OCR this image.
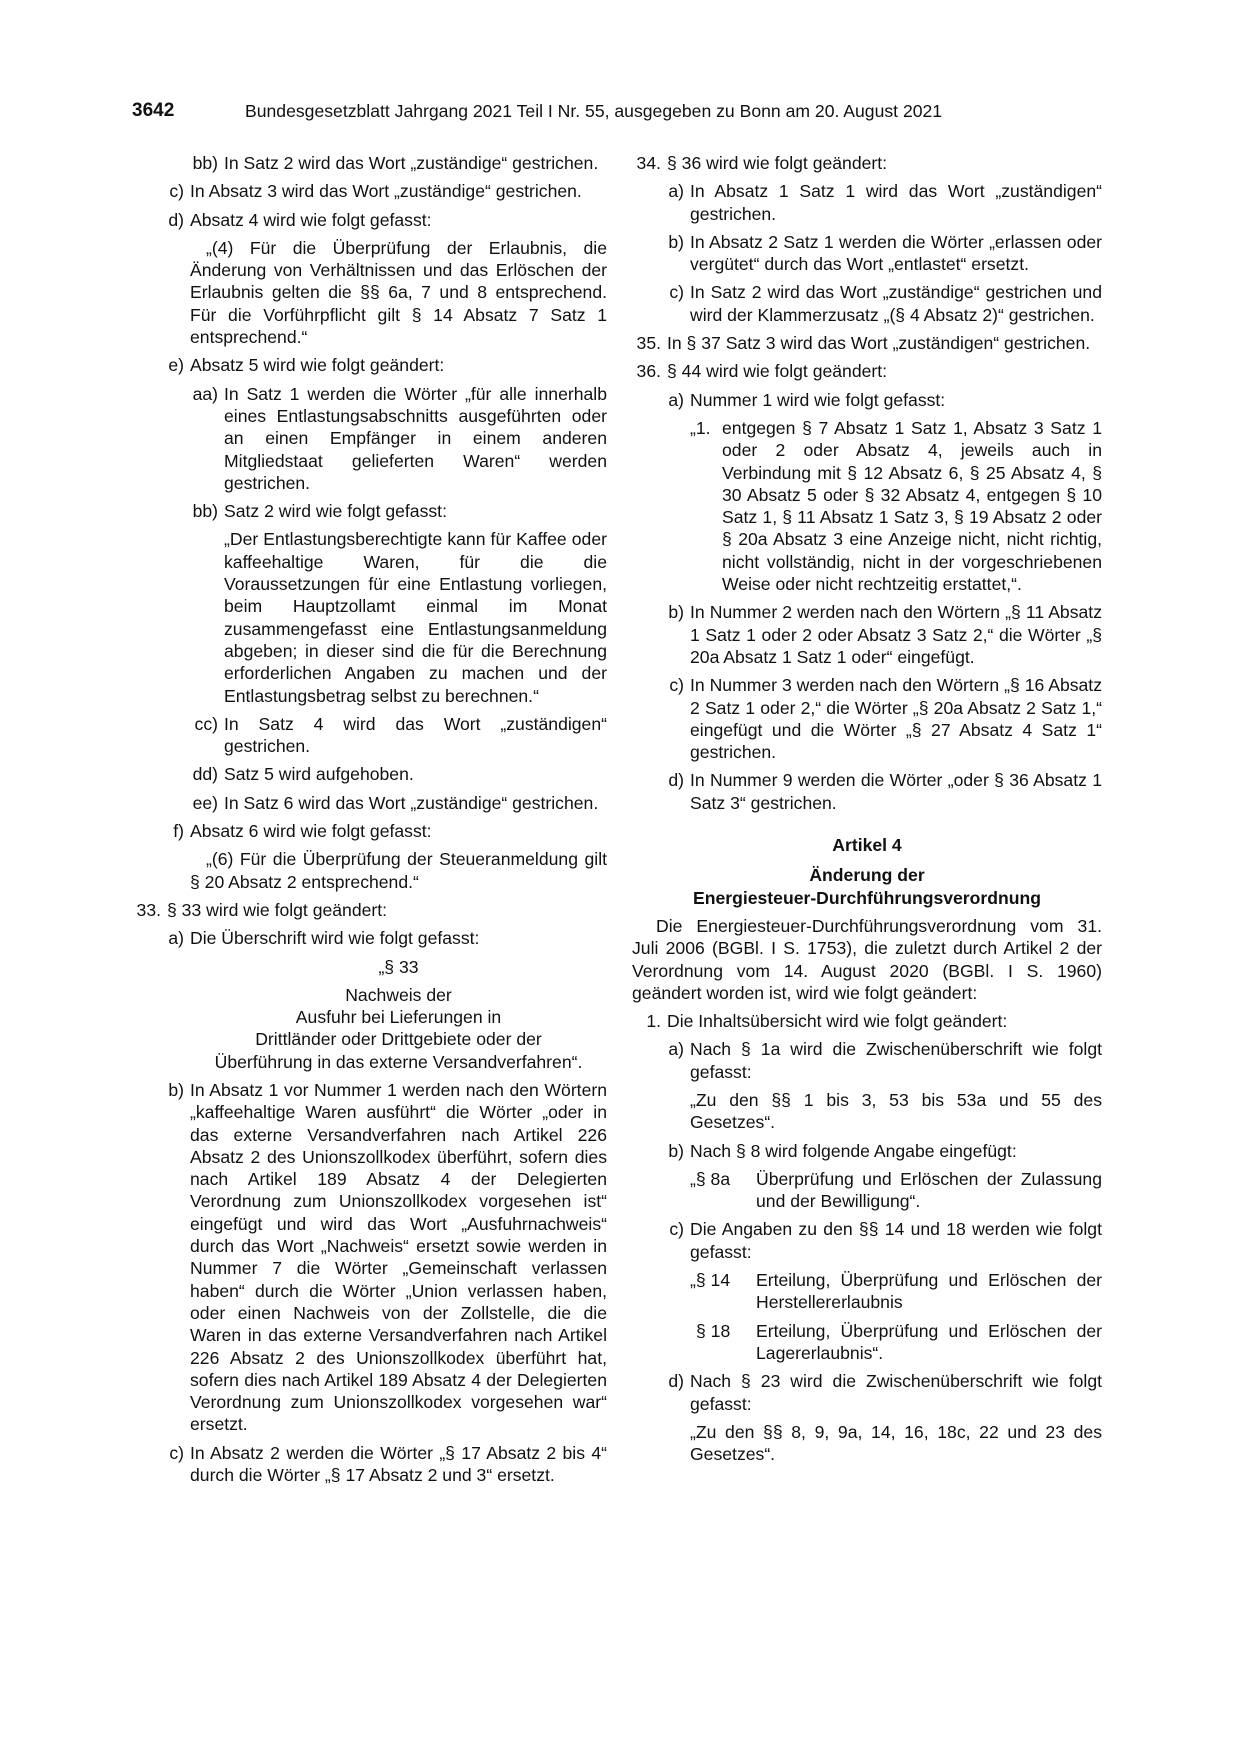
3642	Bundesgesetzblatt Jahrgang 2021 Teil I Nr. 55, ausgegeben zu Bonn am 20. August 2021
bb) In Satz 2 wird das Wort „zuständige“ gestrichen.
c) In Absatz 3 wird das Wort „zuständige“ gestrichen.
d) Absatz 4 wird wie folgt gefasst:
„(4) Für die Überprüfung der Erlaubnis, die Änderung von Verhältnissen und das Erlöschen der Erlaubnis gelten die §§ 6a, 7 und 8 entsprechend. Für die Vorführpflicht gilt § 14 Absatz 7 Satz 1 entsprechend.“
e) Absatz 5 wird wie folgt geändert:
aa) In Satz 1 werden die Wörter „für alle innerhalb eines Entlastungsabschnitts ausgeführten oder an einen Empfänger in einem anderen Mitgliedstaat gelieferten Waren“ werden gestrichen.
bb) Satz 2 wird wie folgt gefasst:
„Der Entlastungsberechtigte kann für Kaffee oder kaffeehaltige Waren, für die die Voraussetzungen für eine Entlastung vorliegen, beim Hauptzollamt einmal im Monat zusammengefasst eine Entlastungsanmeldung abgeben; in dieser sind die für die Berechnung erforderlichen Angaben zu machen und der Entlastungsbetrag selbst zu berechnen.“
cc) In Satz 4 wird das Wort „zuständigen“ gestrichen.
dd) Satz 5 wird aufgehoben.
ee) In Satz 6 wird das Wort „zuständige“ gestrichen.
f) Absatz 6 wird wie folgt gefasst:
„(6) Für die Überprüfung der Steueranmeldung gilt § 20 Absatz 2 entsprechend.“
33. § 33 wird wie folgt geändert:
a) Die Überschrift wird wie folgt gefasst:
„§ 33
Nachweis der
Ausfuhr bei Lieferungen in
Drittländer oder Drittgebiete oder der
Überführung in das externe Versandverfahren“.
b) In Absatz 1 vor Nummer 1 werden nach den Wörtern „kaffeehaltige Waren ausführt“ die Wörter „oder in das externe Versandverfahren nach Artikel 226 Absatz 2 des Unionszollkodex überführt, sofern dies nach Artikel 189 Absatz 4 der Delegierten Verordnung zum Unionszollkodex vorgesehen ist“ eingefügt und wird das Wort „Ausfuhrnachweis“ durch das Wort „Nachweis“ ersetzt sowie werden in Nummer 7 die Wörter „Gemeinschaft verlassen haben“ durch die Wörter „Union verlassen haben, oder einen Nachweis von der Zollstelle, die die Waren in das externe Versandverfahren nach Artikel 226 Absatz 2 des Unionszollkodex überführt hat, sofern dies nach Artikel 189 Absatz 4 der Delegierten Verordnung zum Unionszollkodex vorgesehen war“ ersetzt.
c) In Absatz 2 werden die Wörter „§ 17 Absatz 2 bis 4“ durch die Wörter „§ 17 Absatz 2 und 3“ ersetzt.
34. § 36 wird wie folgt geändert:
a) In Absatz 1 Satz 1 wird das Wort „zuständigen“ gestrichen.
b) In Absatz 2 Satz 1 werden die Wörter „erlassen oder vergütet“ durch das Wort „entlastet“ ersetzt.
c) In Satz 2 wird das Wort „zuständige“ gestrichen und wird der Klammerzusatz „(§ 4 Absatz 2)“ gestrichen.
35. In § 37 Satz 3 wird das Wort „zuständigen“ gestrichen.
36. § 44 wird wie folgt geändert:
a) Nummer 1 wird wie folgt gefasst:
„1. entgegen § 7 Absatz 1 Satz 1, Absatz 3 Satz 1 oder 2 oder Absatz 4, jeweils auch in Verbindung mit § 12 Absatz 6, § 25 Absatz 4, § 30 Absatz 5 oder § 32 Absatz 4, entgegen § 10 Satz 1, § 11 Absatz 1 Satz 3, § 19 Absatz 2 oder § 20a Absatz 3 eine Anzeige nicht, nicht richtig, nicht vollständig, nicht in der vorgeschriebenen Weise oder nicht rechtzeitig erstattet,“.
b) In Nummer 2 werden nach den Wörtern „§ 11 Absatz 1 Satz 1 oder 2 oder Absatz 3 Satz 2,“ die Wörter „§ 20a Absatz 1 Satz 1 oder“ eingefügt.
c) In Nummer 3 werden nach den Wörtern „§ 16 Absatz 2 Satz 1 oder 2,“ die Wörter „§ 20a Absatz 2 Satz 1,“ eingefügt und die Wörter „§ 27 Absatz 4 Satz 1“ gestrichen.
d) In Nummer 9 werden die Wörter „oder § 36 Absatz 1 Satz 3“ gestrichen.
Artikel 4
Änderung der
Energiesteuer-Durchführungsverordnung
Die Energiesteuer-Durchführungsverordnung vom 31. Juli 2006 (BGBl. I S. 1753), die zuletzt durch Artikel 2 der Verordnung vom 14. August 2020 (BGBl. I S. 1960) geändert worden ist, wird wie folgt geändert:
1. Die Inhaltsübersicht wird wie folgt geändert:
a) Nach § 1a wird die Zwischenüberschrift wie folgt gefasst:
„Zu den §§ 1 bis 3, 53 bis 53a und 55 des Gesetzes“.
b) Nach § 8 wird folgende Angabe eingefügt:
„§ 8a	Überprüfung und Erlöschen der Zulassung und der Bewilligung“.
c) Die Angaben zu den §§ 14 und 18 werden wie folgt gefasst:
„§ 14	Erteilung, Überprüfung und Erlöschen der Herstellererlaubnis
§ 18	Erteilung, Überprüfung und Erlöschen der Lagererlaubnis“.
d) Nach § 23 wird die Zwischenüberschrift wie folgt gefasst:
„Zu den §§ 8, 9, 9a, 14, 16, 18c, 22 und 23 des Gesetzes“.
